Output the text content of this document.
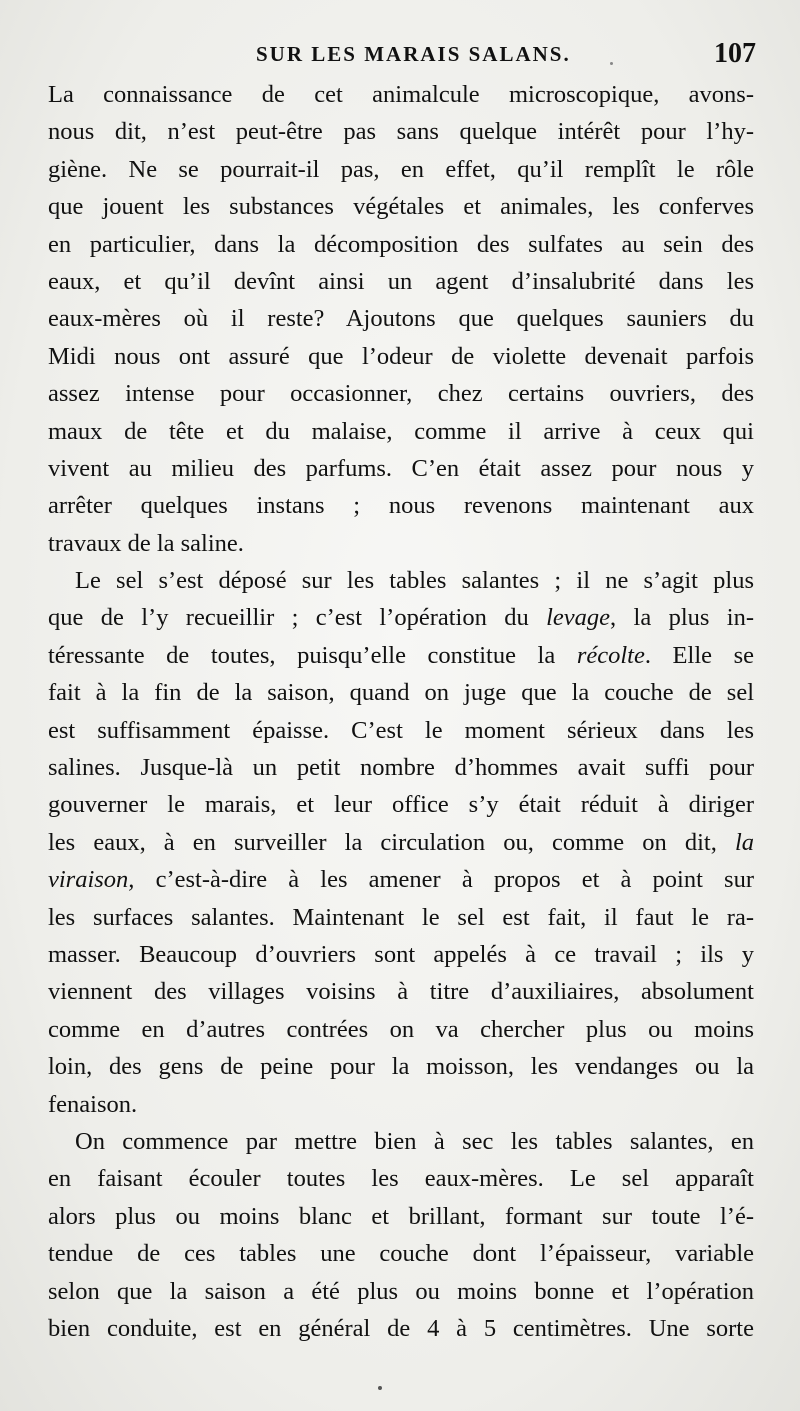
SUR LES MARAIS SALANS.	107
La connaissance de cet animalcule microscopique, avons-
nous dit, n’est peut-être pas sans quelque intérêt pour l’hy-
giène. Ne se pourrait-il pas, en effet, qu’il remplît le rôle
que jouent les substances végétales et animales, les conferves
en particulier, dans la décomposition des sulfates au sein des
eaux, et qu’il devînt ainsi un agent d’insalubrité dans les
eaux-mères où il reste? Ajoutons que quelques sauniers du
Midi nous ont assuré que l’odeur de violette devenait parfois
assez intense pour occasionner, chez certains ouvriers, des
maux de tête et du malaise, comme il arrive à ceux qui
vivent au milieu des parfums. C’en était assez pour nous y
arrêter quelques instans ; nous revenons maintenant aux
travaux de la saline.
Le sel s’est déposé sur les tables salantes ; il ne s’agit plus
que de l’y recueillir ; c’est l’opération du levage, la plus in-
téressante de toutes, puisqu’elle constitue la récolte. Elle se
fait à la fin de la saison, quand on juge que la couche de sel
est suffisamment épaisse. C’est le moment sérieux dans les
salines. Jusque-là un petit nombre d’hommes avait suffi pour
gouverner le marais, et leur office s’y était réduit à diriger
les eaux, à en surveiller la circulation ou, comme on dit, la
viraison, c’est-à-dire à les amener à propos et à point sur
les surfaces salantes. Maintenant le sel est fait, il faut le ra-
masser. Beaucoup d’ouvriers sont appelés à ce travail ; ils y
viennent des villages voisins à titre d’auxiliaires, absolument
comme en d’autres contrées on va chercher plus ou moins
loin, des gens de peine pour la moisson, les vendanges ou la
fenaison.
On commence par mettre bien à sec les tables salantes, en
en faisant écouler toutes les eaux-mères. Le sel apparaît
alors plus ou moins blanc et brillant, formant sur toute l’é-
tendue de ces tables une couche dont l’épaisseur, variable
selon que la saison a été plus ou moins bonne et l’opération
bien conduite, est en général de 4 à 5 centimètres. Une sorte
